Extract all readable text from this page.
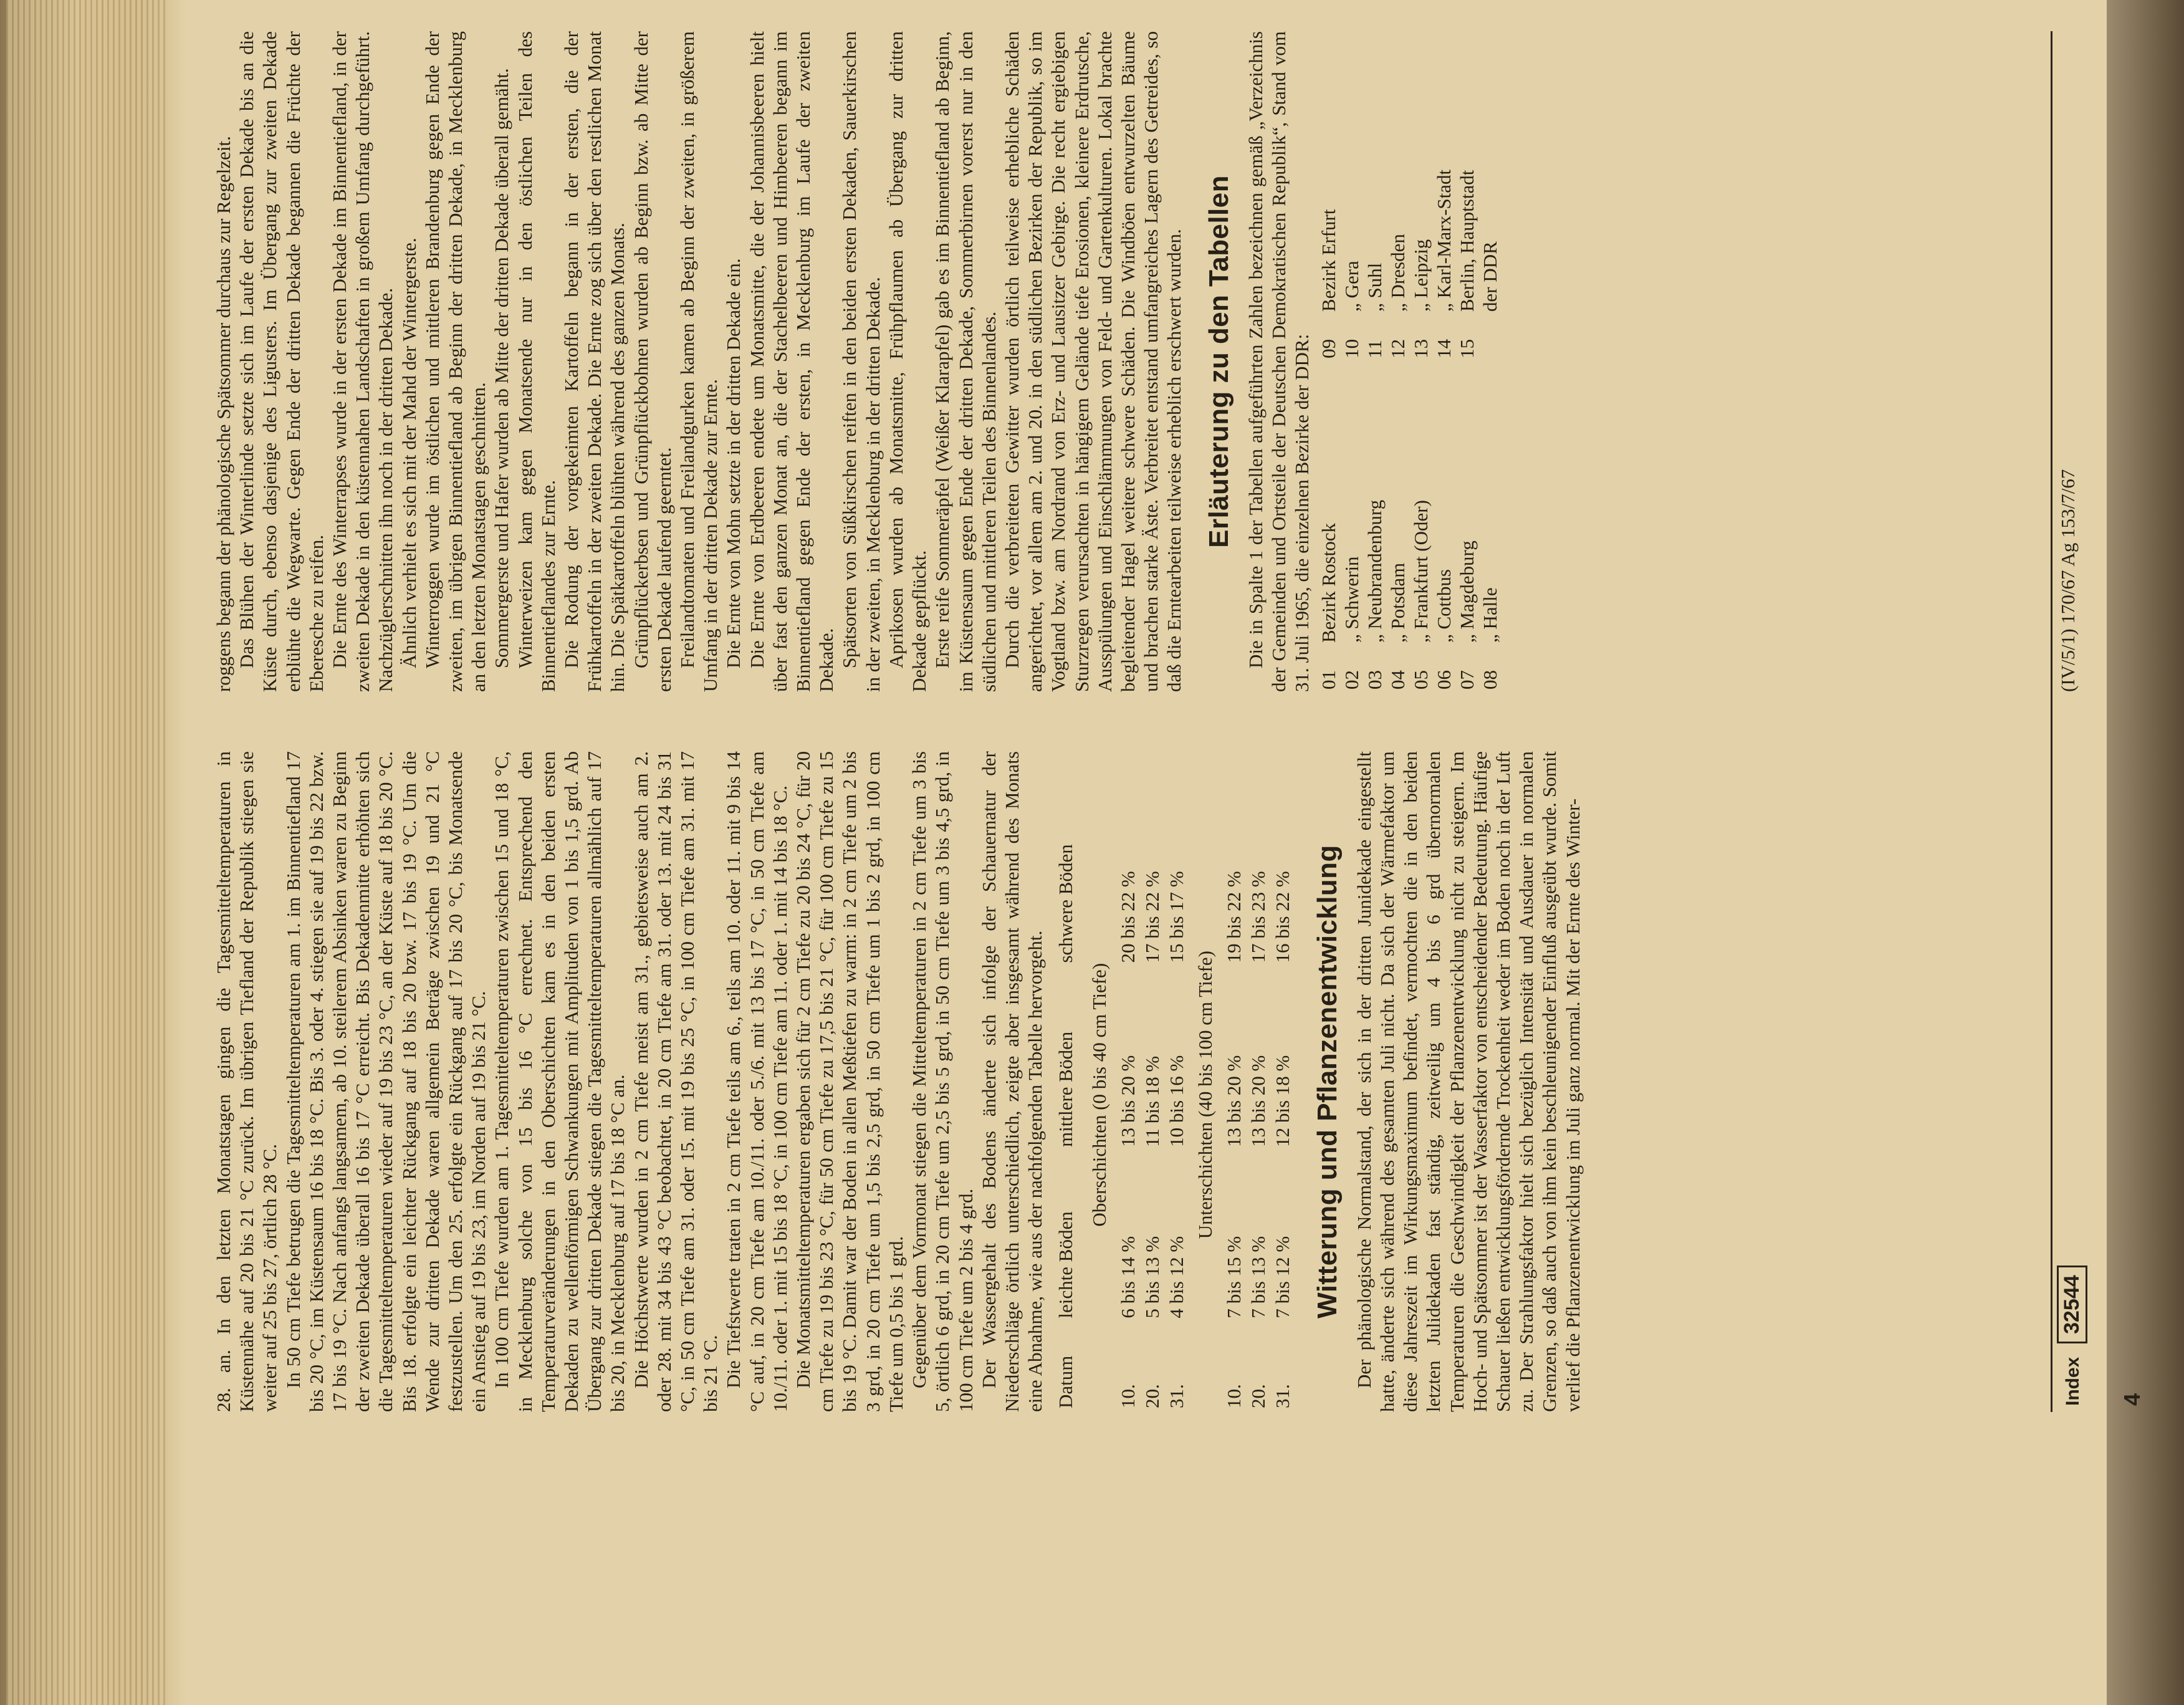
28. an. In den letzten Monatstagen gingen die Tagesmitteltemperaturen in Küstennähe auf 20 bis 21 °C zurück. Im übrigen Tiefland der Republik stiegen sie weiter auf 25 bis 27, örtlich 28 °C. In 50 cm Tiefe betrugen die Tagesmitteltemperaturen am 1. im Binnentiefland 17 bis 20 °C, im Küstensaum 16 bis 18 °C. Bis 3. oder 4. stiegen sie auf 19 bis 22 bzw. 17 bis 19 °C. Nach anfangs langsamem, ab 10. steilerem Absinken waren zu Beginn der zweiten Dekade überall 16 bis 17 °C erreicht. Bis Dekadenmitte erhöhten sich die Tagesmitteltemperaturen wieder auf 19 bis 23 °C, an der Küste auf 18 bis 20 °C. Bis 18. erfolgte ein leichter Rückgang auf 18 bis 20 bzw. 17 bis 19 °C. Um die Wende zur dritten Dekade waren allgemein Beträge zwischen 19 und 21 °C festzustellen. Um den 25. erfolgte ein Rückgang auf 17 bis 20 °C, bis Monatsende ein Anstieg auf 19 bis 23, im Norden auf 19 bis 21 °C. In 100 cm Tiefe wurden am 1. Tagesmitteltemperaturen zwischen 15 und 18 °C, in Mecklenburg solche von 15 bis 16 °C errechnet. Entsprechend den Temperaturveränderungen in den Oberschichten kam es in den beiden ersten Dekaden zu wellenförmigen Schwankungen mit Amplituden von 1 bis 1,5 grd. Ab Übergang zur dritten Dekade stiegen die Tagesmitteltemperaturen allmählich auf 17 bis 20, in Mecklenburg auf 17 bis 18 °C an. Die Höchstwerte wurden in 2 cm Tiefe meist am 31., gebietsweise auch am 2. oder 28. mit 34 bis 43 °C beobachtet, in 20 cm Tiefe am 31. oder 13. mit 24 bis 31 °C, in 50 cm Tiefe am 31. oder 15. mit 19 bis 25 °C, in 100 cm Tiefe am 31. mit 17 bis 21 °C. Die Tiefstwerte traten in 2 cm Tiefe teils am 6., teils am 10. oder 11. mit 9 bis 14 °C auf, in 20 cm Tiefe am 10./11. oder 5./6. mit 13 bis 17 °C, in 50 cm Tiefe am 10./11. oder 1. mit 15 bis 18 °C, in 100 cm Tiefe am 11. oder 1. mit 14 bis 18 °C. Die Monatsmitteltemperaturen ergaben sich für 2 cm Tiefe zu 20 bis 24 °C, für 20 cm Tiefe zu 19 bis 23 °C, für 50 cm Tiefe zu 17,5 bis 21 °C, für 100 cm Tiefe zu 15 bis 19 °C. Damit war der Boden in allen Meßtiefen zu warm: in 2 cm Tiefe um 2 bis 3 grd, in 20 cm Tiefe um 1,5 bis 2,5 grd, in 50 cm Tiefe um 1 bis 2 grd, in 100 cm Tiefe um 0,5 bis 1 grd. Gegenüber dem Vormonat stiegen die Mitteltemperaturen in 2 cm Tiefe um 3 bis 5, örtlich 6 grd, in 20 cm Tiefe um 2,5 bis 5 grd, in 50 cm Tiefe um 3 bis 4,5 grd, in 100 cm Tiefe um 2 bis 4 grd. Der Wassergehalt des Bodens änderte sich infolge der Schauernatur der Niederschläge örtlich unterschiedlich, zeigte aber insgesamt während des Monats eine Abnahme, wie aus der nachfolgenden Tabelle hervorgeht. Datum	leichte Böden	mittlere Böden	schwere Böden
Oberschichten (0 bis 40 cm Tiefe)			
10.	6 bis 14 %	13 bis 20 %	20 bis 22 %
20.	5 bis 13 %	11 bis 18 %	17 bis 22 %
31.	4 bis 12 %	10 bis 16 %	15 bis 17 %
Unterschichten (40 bis 100 cm Tiefe)			
10.	7 bis 15 %	13 bis 20 %	19 bis 22 %
20.	7 bis 13 %	13 bis 20 %	17 bis 23 %
31.	7 bis 12 %	12 bis 18 %	16 bis 22 % Witterung und Pflanzenentwicklung Der phänologische Normalstand, der sich in der dritten Junidekade eingestellt hatte, änderte sich während des gesamten Juli nicht. Da sich der Wärmefaktor um diese Jahreszeit im Wirkungsmaximum befindet, vermochten die in den beiden letzten Julidekaden fast ständig, zeitweilig um 4 bis 6 grd übernormalen Temperaturen die Geschwindigkeit der Pflanzenentwicklung nicht zu steigern. Im Hoch- und Spätsommer ist der Wasserfaktor von entscheidender Bedeutung. Häufige Schauer ließen entwicklungsfördernde Trockenheit weder im Boden noch in der Luft zu. Der Strahlungsfaktor hielt sich bezüglich Intensität und Ausdauer in normalen Grenzen, so daß auch von ihm kein beschleunigender Einfluß ausgeübt wurde. Somit verlief die Pflanzenentwicklung im Juli ganz normal. Mit der Ernte des Winter-

roggens begann der phänologische Spätsommer durchaus zur Regelzeit. Das Blühen der Winterlinde setzte sich im Laufe der ersten Dekade bis an die Küste durch, ebenso dasjenige des Ligusters. Im Übergang zur zweiten Dekade erblühte die Wegwarte. Gegen Ende der dritten Dekade begannen die Früchte der Eberesche zu reifen. Die Ernte des Winterrapses wurde in der ersten Dekade im Binnentiefland, in der zweiten Dekade in den küstennahen Landschaften in großem Umfang durchgeführt. Nachzüglerschnitten ihn noch in der dritten Dekade. Ähnlich verhielt es sich mit der Mahd der Wintergerste. Winterroggen wurde im östlichen und mittleren Brandenburg gegen Ende der zweiten, im übrigen Binnentiefland ab Beginn der dritten Dekade, in Mecklenburg an den letzten Monatstagen geschnitten. Sommergerste und Hafer wurden ab Mitte der dritten Dekade überall gemäht. Winterweizen kam gegen Monatsende nur in den östlichen Teilen des Binnentieflandes zur Ernte. Die Rodung der vorgekeimten Kartoffeln begann in der ersten, die der Frühkartoffeln in der zweiten Dekade. Die Ernte zog sich über den restlichen Monat hin. Die Spätkartoffeln blühten während des ganzen Monats. Grünpflückerbsen und Grünpflückbohnen wurden ab Beginn bzw. ab Mitte der ersten Dekade laufend geerntet. Freilandtomaten und Freilandgurken kamen ab Beginn der zweiten, in größerem Umfang in der dritten Dekade zur Ernte. Die Ernte von Mohn setzte in der dritten Dekade ein. Die Ernte von Erdbeeren endete um Monatsmitte, die der Johannisbeeren hielt über fast den ganzen Monat an, die der Stachelbeeren und Himbeeren begann im Binnentiefland gegen Ende der ersten, in Mecklenburg im Laufe der zweiten Dekade. Spätsorten von Süßkirschen reiften in den beiden ersten Dekaden, Sauerkirschen in der zweiten, in Mecklenburg in der dritten Dekade. Aprikosen wurden ab Monatsmitte, Frühpflaumen ab Übergang zur dritten Dekade gepflückt. Erste reife Sommeräpfel (Weißer Klarapfel) gab es im Binnentiefland ab Beginn, im Küstensaum gegen Ende der dritten Dekade, Sommerbirnen vorerst nur in den südlichen und mittleren Teilen des Binnenlandes. Durch die verbreiteten Gewitter wurden örtlich teilweise erhebliche Schäden angerichtet, vor allem am 2. und 20. in den südlichen Bezirken der Republik, so im Vogtland bzw. am Nordrand von Erz- und Lausitzer Gebirge. Die recht ergiebigen Sturzregen verursachten in hängigem Gelände tiefe Erosionen, kleinere Erdrutsche, Ausspülungen und Einschlämmungen von Feld- und Gartenkulturen. Lokal brachte begleitender Hagel weitere schwere Schäden. Die Windböen entwurzelten Bäume und brachen starke Äste. Verbreitet entstand umfangreiches Lagern des Getreides, so daß die Erntearbeiten teilweise erheblich erschwert wurden. Erläuterung zu den Tabellen Die in Spalte 1 der Tabellen aufgeführten Zahlen bezeichnen gemäß „Verzeichnis der Gemeinden und Ortsteile der Deutschen Demokratischen Republik“, Stand vom 31. Juli 1965, die einzelnen Bezirke der DDR: 01	Bezirk Rostock	09	Bezirk Erfurt
02	„ Schwerin	10	„ Gera
03	„ Neubrandenburg	11	„ Suhl
04	„ Potsdam	12	„ Dresden
05	„ Frankfurt (Oder)	13	„ Leipzig
06	„ Cottbus	14	„ Karl-Marx-Stadt
07	„ Magdeburg	15	Berlin, Hauptstadt
08	„ Halle		der DDR
Index 32544
(IV/5/1) 170/67 Ag 153/7/67
4
